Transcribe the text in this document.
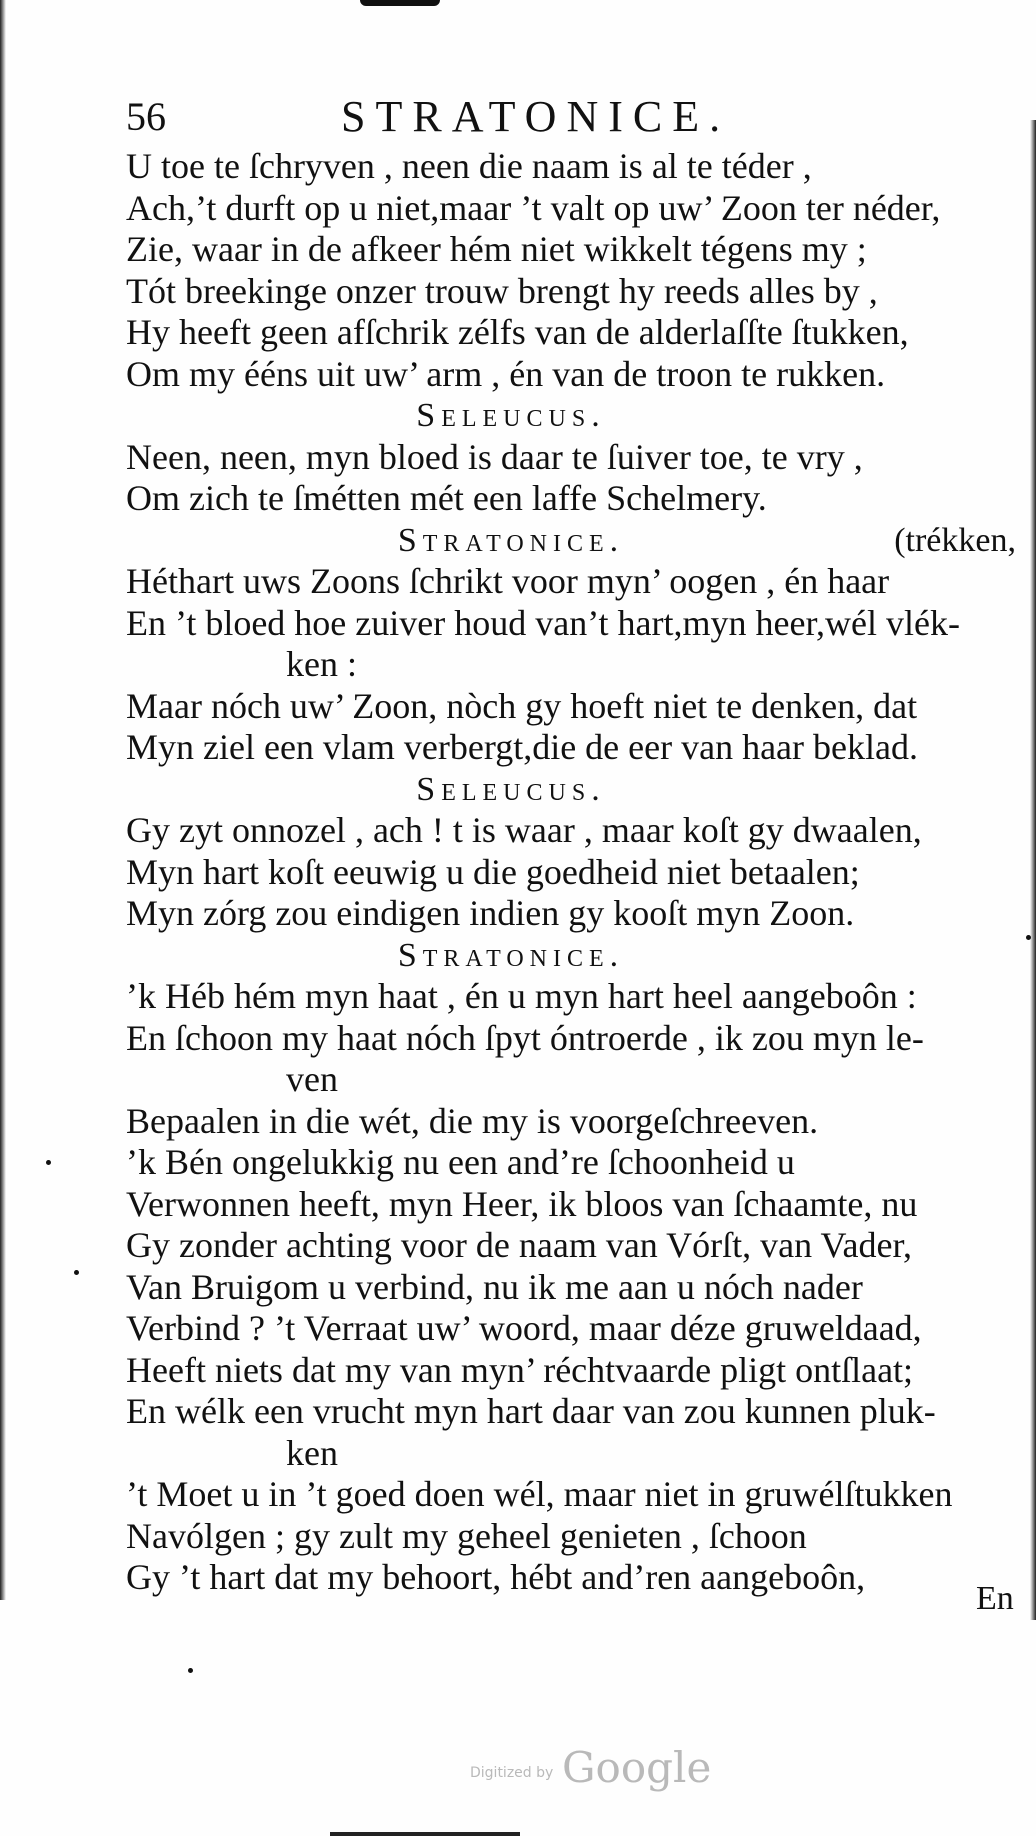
56	STRATONICE.
U toe te ſchryven , neen die naam is al te téder ,
Ach,’t durft op u niet,maar ’t valt op uw’ Zoon ter néder,
Zie, waar in de afkeer hém niet wikkelt tégens my ;
Tót breekinge onzer trouw brengt hy reeds alles by ,
Hy heeft geen afſchrik zélfs van de alderlaſſte ſtukken,
Om my ééns uit uw’ arm , én van de troon te rukken.
Seleucus.
Neen, neen, myn bloed is daar te ſuiver toe, te vry ,
Om zich te ſmétten mét een laffe Schelmery.
Stratonice.	(trékken,
Héthart uws Zoons ſchrikt voor myn’ oogen , én haar
En ’t bloed hoe zuiver houd van’t hart,myn heer,wél vlék-
ken :
Maar nóch uw’ Zoon, nòch gy hoeft niet te denken, dat
Myn ziel een vlam verbergt,die de eer van haar beklad.
Seleucus.
Gy zyt onnozel , ach ! t is waar , maar koſt gy dwaalen,
Myn hart koſt eeuwig u die goedheid niet betaalen;
Myn zórg zou eindigen indien gy kooſt myn Zoon.
Stratonice.
’k Héb hém myn haat , én u myn hart heel aangeboôn :
En ſchoon my haat nóch ſpyt óntroerde , ik zou myn le-
ven
Bepaalen in die wét, die my is voorgeſchreeven.
’k Bén ongelukkig nu een and’re ſchoonheid u
Verwonnen heeft, myn Heer, ik bloos van ſchaamte, nu
Gy zonder achting voor de naam van Vórſt, van Vader,
Van Bruigom u verbind, nu ik me aan u nóch nader
Verbind ? ’t Verraat uw’ woord, maar déze gruweldaad,
Heeft niets dat my van myn’ réchtvaarde pligt ontſlaat;
En wélk een vrucht myn hart daar van zou kunnen pluk-
ken
’t Moet u in ’t goed doen wél, maar niet in gruwélſtukken
Navólgen ; gy zult my geheel genieten , ſchoon
Gy ’t hart dat my behoort, hébt and’ren aangeboôn,
En
Digitized by Google
